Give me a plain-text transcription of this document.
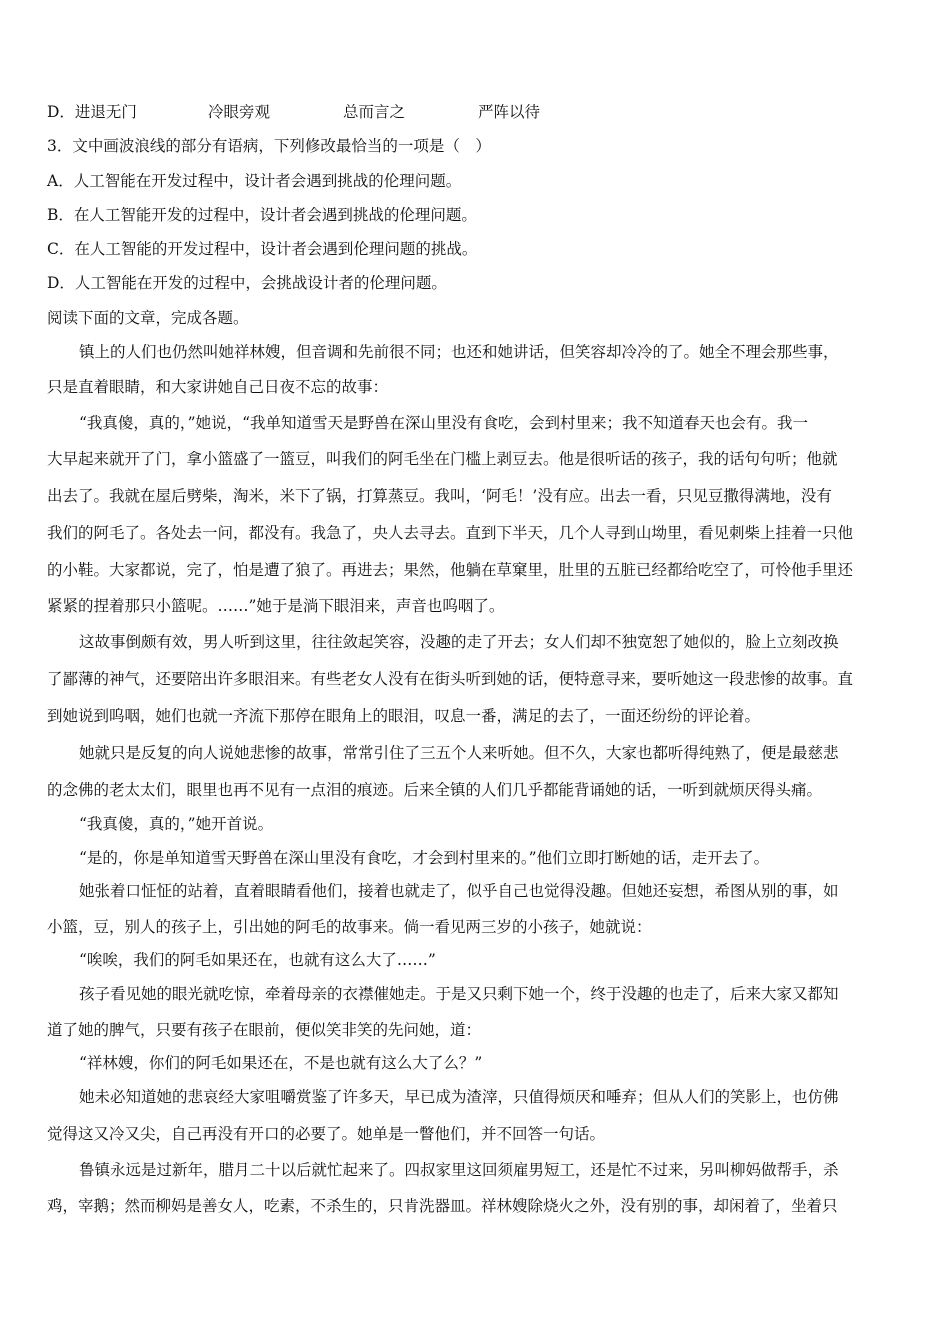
D．进退无门	冷眼旁观	总而言之	严阵以待
3．文中画波浪线的部分有语病，下列修改最恰当的一项是（　）
A．人工智能在开发过程中，设计者会遇到挑战的伦理问题。
B．在人工智能开发的过程中，设计者会遇到挑战的伦理问题。
C．在人工智能的开发过程中，设计者会遇到伦理问题的挑战。
D．人工智能在开发的过程中，会挑战设计者的伦理问题。
阅读下面的文章，完成各题。
镇上的人们也仍然叫她祥林嫂，但音调和先前很不同；也还和她讲话，但笑容却冷冷的了。她全不理会那些事，
只是直着眼睛，和大家讲她自己日夜不忘的故事：
“我真傻，真的，”她说，“我单知道雪天是野兽在深山里没有食吃，会到村里来；我不知道春天也会有。我一
大早起来就开了门，拿小篮盛了一篮豆，叫我们的阿毛坐在门槛上剥豆去。他是很听话的孩子，我的话句句听；他就
出去了。我就在屋后劈柴，淘米，米下了锅，打算蒸豆。我叫，‘阿毛！’没有应。出去一看，只见豆撒得满地，没有
我们的阿毛了。各处去一问，都没有。我急了，央人去寻去。直到下半天，几个人寻到山坳里，看见刺柴上挂着一只他
的小鞋。大家都说，完了，怕是遭了狼了。再进去；果然，他躺在草窠里，肚里的五脏已经都给吃空了，可怜他手里还
紧紧的捏着那只小篮呢。……”她于是淌下眼泪来，声音也呜咽了。
这故事倒颇有效，男人听到这里，往往敛起笑容，没趣的走了开去；女人们却不独宽恕了她似的，脸上立刻改换
了鄙薄的神气，还要陪出许多眼泪来。有些老女人没有在街头听到她的话，便特意寻来，要听她这一段悲惨的故事。直
到她说到呜咽，她们也就一齐流下那停在眼角上的眼泪，叹息一番，满足的去了，一面还纷纷的评论着。
她就只是反复的向人说她悲惨的故事，常常引住了三五个人来听她。但不久，大家也都听得纯熟了，便是最慈悲
的念佛的老太太们，眼里也再不见有一点泪的痕迹。后来全镇的人们几乎都能背诵她的话，一听到就烦厌得头痛。
“我真傻，真的，”她开首说。
“是的，你是单知道雪天野兽在深山里没有食吃，才会到村里来的。”他们立即打断她的话，走开去了。
她张着口怔怔的站着，直着眼睛看他们，接着也就走了，似乎自己也觉得没趣。但她还妄想，希图从别的事，如
小篮，豆，别人的孩子上，引出她的阿毛的故事来。倘一看见两三岁的小孩子，她就说：
“唉唉，我们的阿毛如果还在，也就有这么大了……”
孩子看见她的眼光就吃惊，牵着母亲的衣襟催她走。于是又只剩下她一个，终于没趣的也走了，后来大家又都知
道了她的脾气，只要有孩子在眼前，便似笑非笑的先问她，道：
“祥林嫂，你们的阿毛如果还在，不是也就有这么大了么？”
她未必知道她的悲哀经大家咀嚼赏鉴了许多天，早已成为渣滓，只值得烦厌和唾弃；但从人们的笑影上，也仿佛
觉得这又冷又尖，自己再没有开口的必要了。她单是一瞥他们，并不回答一句话。
鲁镇永远是过新年，腊月二十以后就忙起来了。四叔家里这回须雇男短工，还是忙不过来，另叫柳妈做帮手，杀
鸡，宰鹅；然而柳妈是善女人，吃素，不杀生的，只肯洗器皿。祥林嫂除烧火之外，没有别的事，却闲着了，坐着只
